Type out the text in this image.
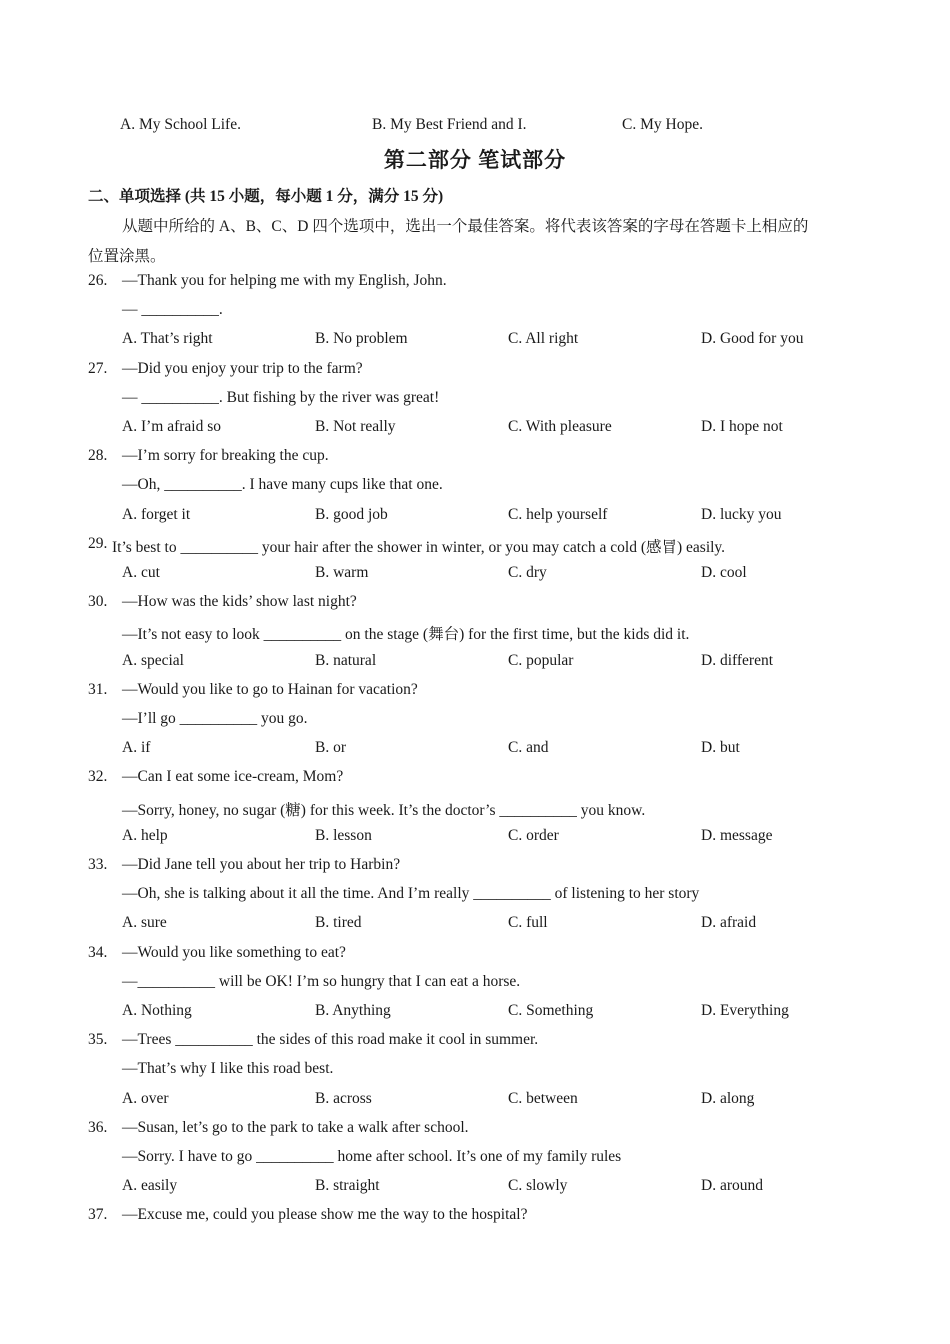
A. My School Life.	B. My Best Friend and I.	C. My Hope.
第二部分 笔试部分
二、单项选择 (共 15 小题，每小题 1 分，满分 15 分)
从题中所给的 A、B、C、D 四个选项中，选出一个最佳答案。将代表该答案的字母在答题卡上相应的
位置涂黑。
26. —Thank you for helping me with my English, John.
— __________.
A. That’s right	B. No problem	C. All right	D. Good for you
27. —Did you enjoy your trip to the farm?
— __________. But fishing by the river was great!
A. I’m afraid so	B. Not really	C. With pleasure	D. I hope not
28. —I’m sorry for breaking the cup.
—Oh, __________. I have many cups like that one.
A. forget it	B. good job	C. help yourself	D. lucky you
29. It’s best to __________ your hair after the shower in winter, or you may catch a cold (感冒) easily.
A. cut	B. warm	C. dry	D. cool
30. —How was the kids’ show last night?
—It’s not easy to look __________ on the stage (舞台) for the first time, but the kids did it.
A. special	B. natural	C. popular	D. different
31. —Would you like to go to Hainan for vacation?
—I’ll go __________ you go.
A. if	B. or	C. and	D. but
32. —Can I eat some ice-cream, Mom?
—Sorry, honey, no sugar (糖) for this week. It’s the doctor’s __________ you know.
A. help	B. lesson	C. order	D. message
33. —Did Jane tell you about her trip to Harbin?
—Oh, she is talking about it all the time. And I’m really __________ of listening to her story
A. sure	B. tired	C. full	D. afraid
34. —Would you like something to eat?
—__________ will be OK! I’m so hungry that I can eat a horse.
A. Nothing	B. Anything	C. Something	D. Everything
35. —Trees __________ the sides of this road make it cool in summer.
—That’s why I like this road best.
A. over	B. across	C. between	D. along
36. —Susan, let’s go to the park to take a walk after school.
—Sorry. I have to go __________ home after school. It’s one of my family rules
A. easily	B. straight	C. slowly	D. around
37. —Excuse me, could you please show me the way to the hospital?
